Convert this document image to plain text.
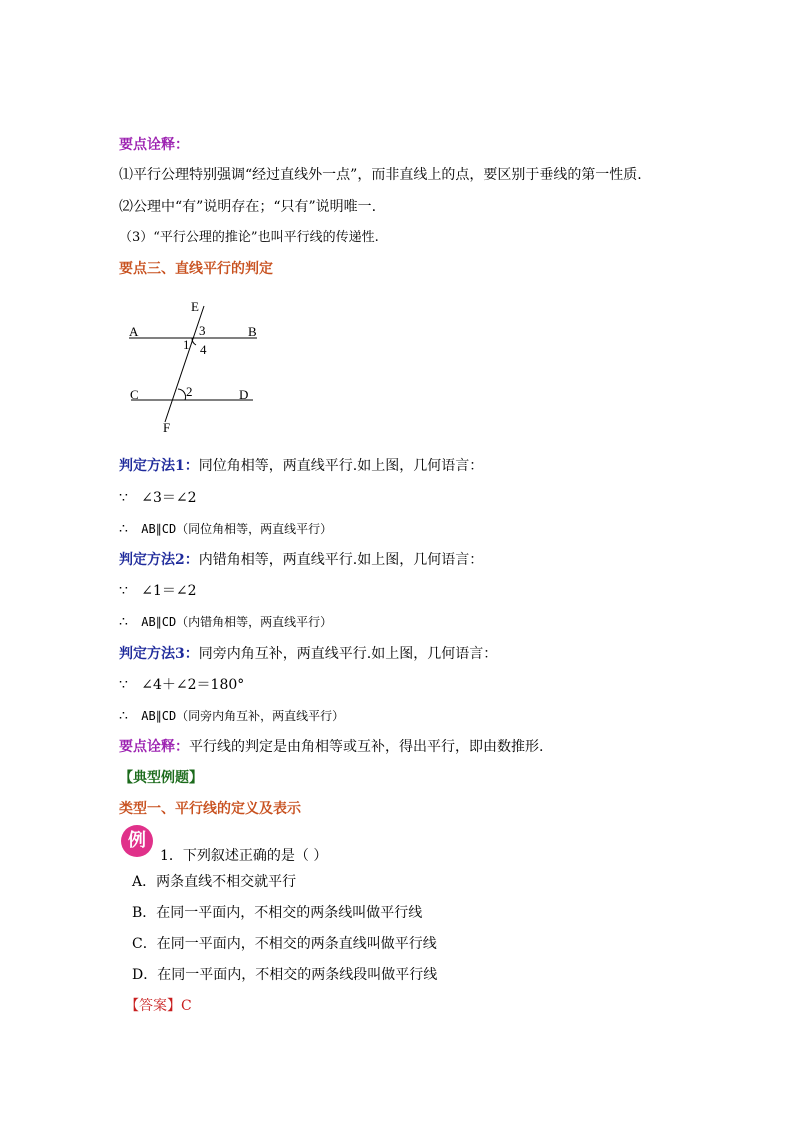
要点诠释：
⑴平行公理特别强调“经过直线外一点”，而非直线上的点，要区别于垂线的第一性质.
⑵公理中“有”说明存在；“只有”说明唯一.
（3）“平行公理的推论”也叫平行线的传递性.
要点三、直线平行的判定
E
A	3	B
1 4
C	2	D
F
判定方法1：同位角相等，两直线平行.如上图，几何语言：
∵ ∠3＝∠2
∴ AB∥CD（同位角相等，两直线平行）
判定方法2：内错角相等，两直线平行.如上图，几何语言：
∵ ∠1＝∠2
∴ AB∥CD（内错角相等，两直线平行）
判定方法3：同旁内角互补，两直线平行.如上图，几何语言：
∵ ∠4＋∠2＝180°
∴ AB∥CD（同旁内角互补，两直线平行）
要点诠释：平行线的判定是由角相等或互补，得出平行，即由数推形.
【典型例题】
类型一、平行线的定义及表示
例
1．下列叙述正确的是（ ）
A．两条直线不相交就平行
B．在同一平面内，不相交的两条线叫做平行线
C．在同一平面内，不相交的两条直线叫做平行线
D．在同一平面内，不相交的两条线段叫做平行线
【答案】C
